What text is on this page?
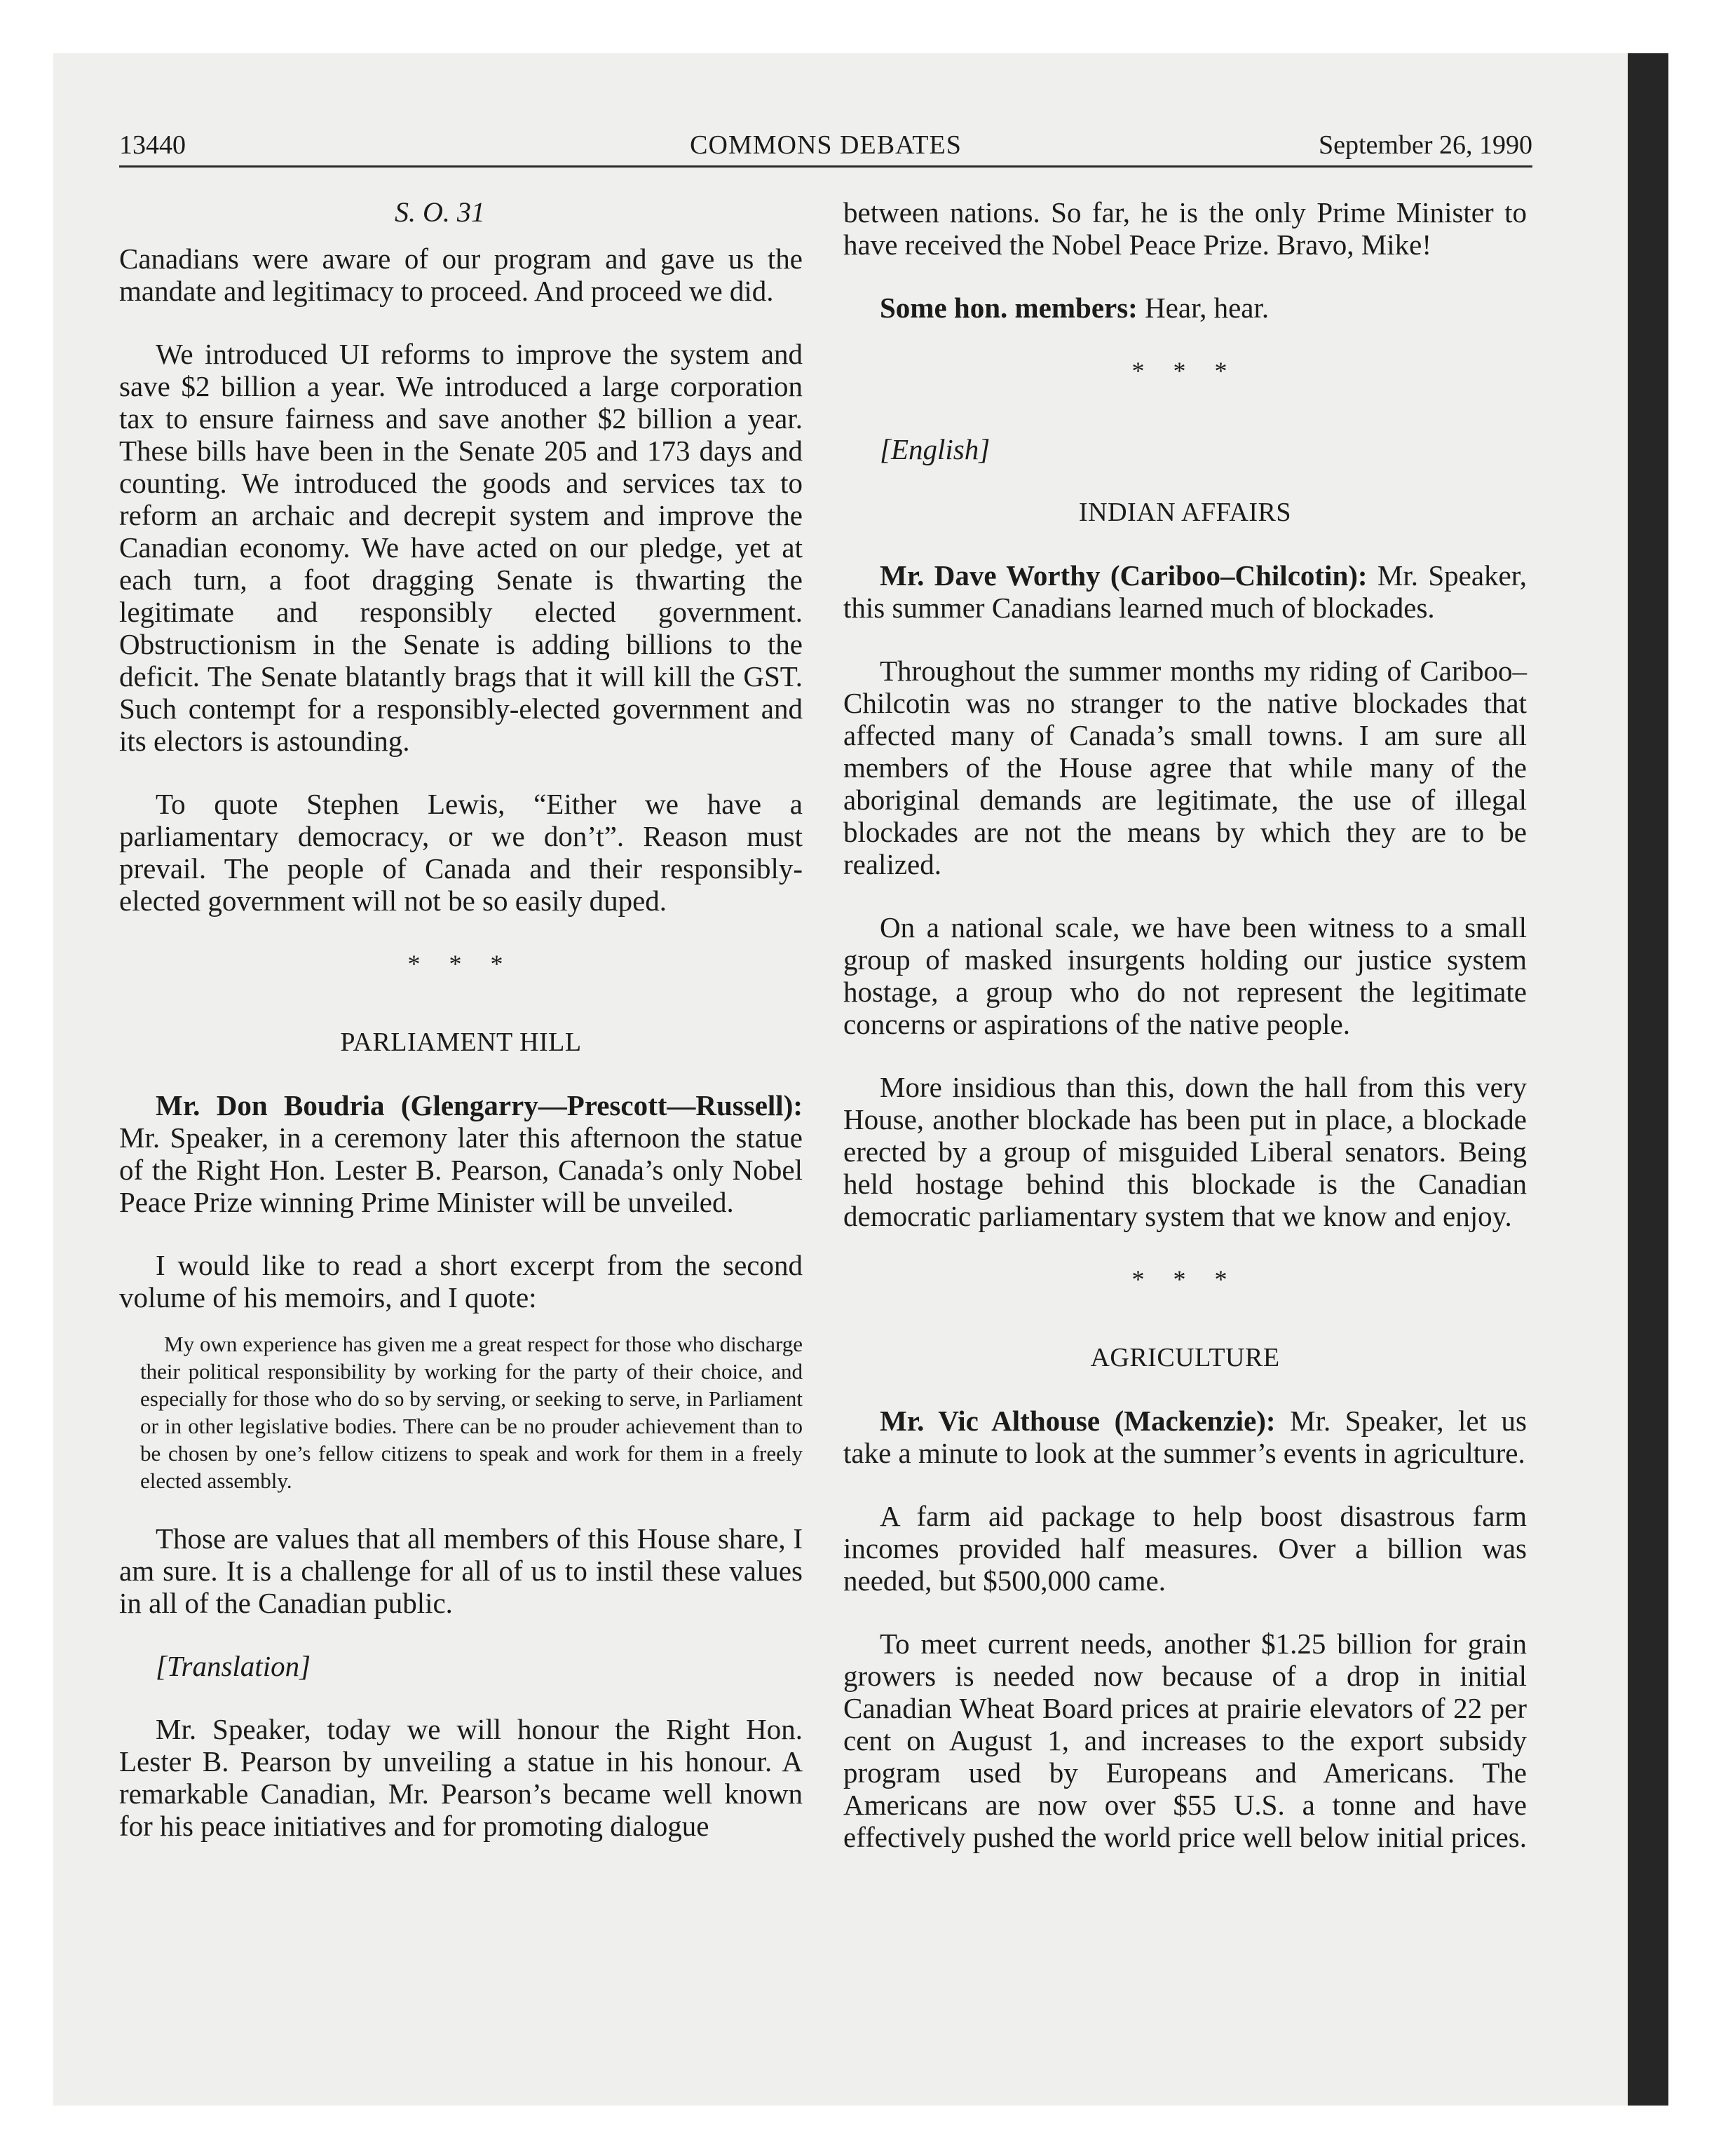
13440	COMMONS DEBATES	September 26, 1990
S. O. 31

Canadians were aware of our program and gave us the mandate and legitimacy to proceed. And proceed we did.

We introduced UI reforms to improve the system and save $2 billion a year. We introduced a large corporation tax to ensure fairness and save another $2 billion a year. These bills have been in the Senate 205 and 173 days and counting. We introduced the goods and services tax to reform an archaic and decrepit system and improve the Canadian economy. We have acted on our pledge, yet at each turn, a foot dragging Senate is thwarting the legitimate and responsibly elected government. Obstructionism in the Senate is adding billions to the deficit. The Senate blatantly brags that it will kill the GST. Such contempt for a responsibly-elected government and its electors is astounding.

To quote Stephen Lewis, “Either we have a parliamentary democracy, or we don’t”. Reason must prevail. The people of Canada and their responsibly-elected government will not be so easily duped.

* * *
PARLIAMENT HILL

Mr. Don Boudria (Glengarry—Prescott—Russell): Mr. Speaker, in a ceremony later this afternoon the statue of the Right Hon. Lester B. Pearson, Canada’s only Nobel Peace Prize winning Prime Minister will be unveiled.

I would like to read a short excerpt from the second volume of his memoirs, and I quote:

My own experience has given me a great respect for those who discharge their political responsibility by working for the party of their choice, and especially for those who do so by serving, or seeking to serve, in Parliament or in other legislative bodies. There can be no prouder achievement than to be chosen by one’s fellow citizens to speak and work for them in a freely elected assembly.

Those are values that all members of this House share, I am sure. It is a challenge for all of us to instil these values in all of the Canadian public.

[Translation]

Mr. Speaker, today we will honour the Right Hon. Lester B. Pearson by unveiling a statue in his honour. A remarkable Canadian, Mr. Pearson’s became well known for his peace initiatives and for promoting dialogue

between nations. So far, he is the only Prime Minister to have received the Nobel Peace Prize. Bravo, Mike!

Some hon. members: Hear, hear.

* * *

[English]

INDIAN AFFAIRS

Mr. Dave Worthy (Cariboo–Chilcotin): Mr. Speaker, this summer Canadians learned much of blockades.

Throughout the summer months my riding of Cariboo–Chilcotin was no stranger to the native blockades that affected many of Canada’s small towns. I am sure all members of the House agree that while many of the aboriginal demands are legitimate, the use of illegal blockades are not the means by which they are to be realized.

On a national scale, we have been witness to a small group of masked insurgents holding our justice system hostage, a group who do not represent the legitimate concerns or aspirations of the native people.

More insidious than this, down the hall from this very House, another blockade has been put in place, a blockade erected by a group of misguided Liberal senators. Being held hostage behind this blockade is the Canadian democratic parliamentary system that we know and enjoy.

* * *
AGRICULTURE

Mr. Vic Althouse (Mackenzie): Mr. Speaker, let us take a minute to look at the summer’s events in agriculture.

A farm aid package to help boost disastrous farm incomes provided half measures. Over a billion was needed, but $500,000 came.

To meet current needs, another $1.25 billion for grain growers is needed now because of a drop in initial Canadian Wheat Board prices at prairie elevators of 22 per cent on August 1, and increases to the export subsidy program used by Europeans and Americans. The Americans are now over $55 U.S. a tonne and have effectively pushed the world price well below initial prices.
